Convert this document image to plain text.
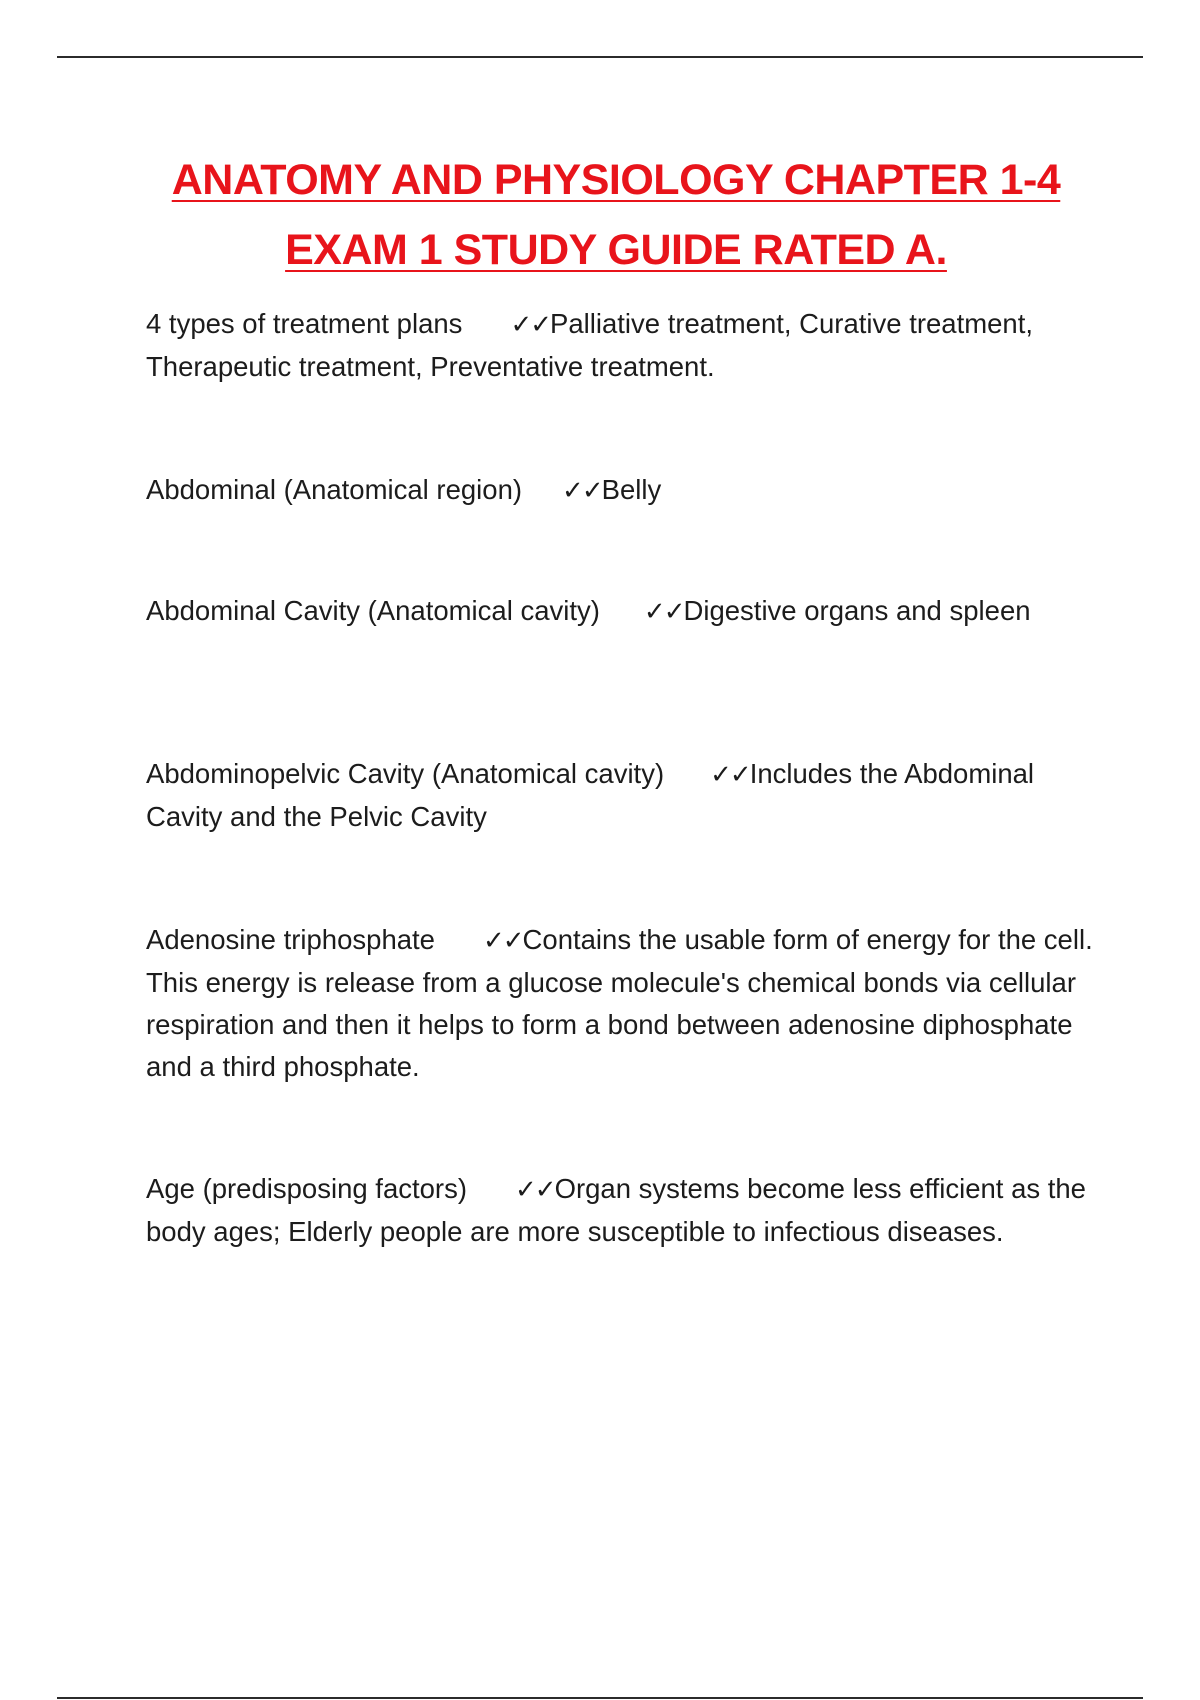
ANATOMY AND PHYSIOLOGY CHAPTER 1-4
EXAM 1 STUDY GUIDE RATED A.
4 types of treatment plans ✓✓Palliative treatment, Curative treatment, Therapeutic treatment, Preventative treatment.
Abdominal (Anatomical region) ✓✓Belly
Abdominal Cavity (Anatomical cavity) ✓✓Digestive organs and spleen
Abdominopelvic Cavity (Anatomical cavity) ✓✓Includes the Abdominal Cavity and the Pelvic Cavity
Adenosine triphosphate ✓✓Contains the usable form of energy for the cell. This energy is release from a glucose molecule's chemical bonds via cellular respiration and then it helps to form a bond between adenosine diphosphate and a third phosphate.
Age (predisposing factors) ✓✓Organ systems become less efficient as the body ages; Elderly people are more susceptible to infectious diseases.
